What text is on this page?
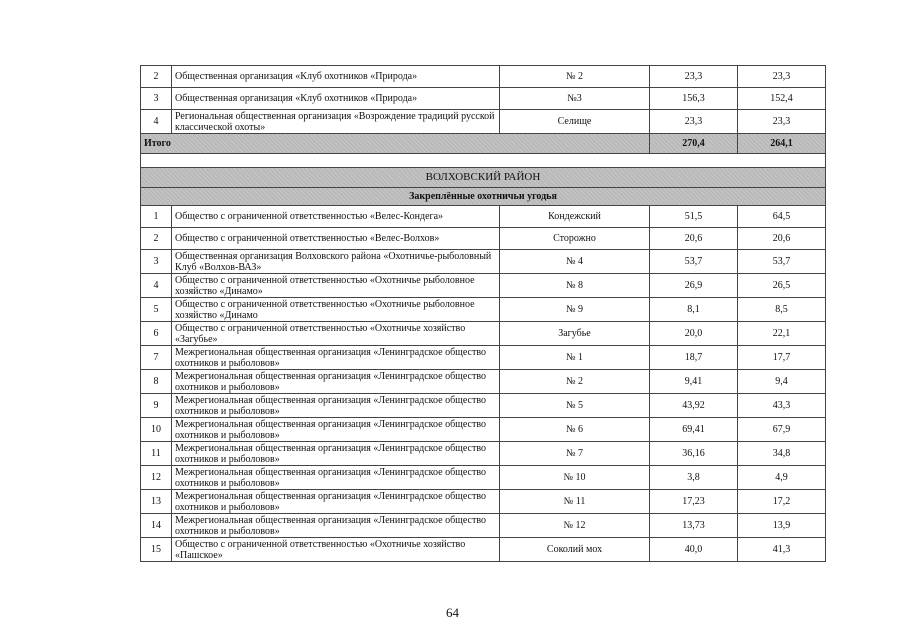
2	Общественная организация «Клуб охотников «Природа»	№ 2	23,3	23,3
3	Общественная организация «Клуб охотников «Природа»	№3	156,3	152,4
4	Региональная общественная организация «Возрождение традиций русской классической охоты»	Селище	23,3	23,3
Итого			270,4	264,1

ВОЛХОВСКИЙ РАЙОН				
Закреплённые охотничьи угодья				
1	Общество с ограниченной ответственностью «Велес-Кондега»	Кондежский	51,5	64,5
2	Общество с ограниченной ответственностью «Велес-Волхов»	Сторожно	20,6	20,6
3	Общественная организация Волховского района «Охотничье-рыболовный Клуб «Волхов-ВАЗ»	№ 4	53,7	53,7
4	Общество с ограниченной ответственностью «Охотничье рыболовное хозяйство «Динамо»	№ 8	26,9	26,5
5	Общество с ограниченной ответственностью «Охотничье рыболовное хозяйство «Динамо	№ 9	8,1	8,5
6	Общество с ограниченной ответственностью «Охотничье хозяйство «Загубье»	Загубье	20,0	22,1
7	Межрегиональная общественная организация «Ленинградское общество охотников и рыболовов»	№ 1	18,7	17,7
8	Межрегиональная общественная организация «Ленинградское общество охотников и рыболовов»	№ 2	9,41	9,4
9	Межрегиональная общественная организация «Ленинградское общество охотников и рыболовов»	№ 5	43,92	43,3
10	Межрегиональная общественная организация «Ленинградское общество охотников и рыболовов»	№ 6	69,41	67,9
11	Межрегиональная общественная организация «Ленинградское общество охотников и рыболовов»	№ 7	36,16	34,8
12	Межрегиональная общественная организация «Ленинградское общество охотников и рыболовов»	№ 10	3,8	4,9
13	Межрегиональная общественная организация «Ленинградское общество охотников и рыболовов»	№ 11	17,23	17,2
14	Межрегиональная общественная организация «Ленинградское общество охотников и рыболовов»	№ 12	13,73	13,9
15	Общество с ограниченной ответственностью «Охотничье хозяйство «Пашское»	Соколий мох	40,0	41,3
64
